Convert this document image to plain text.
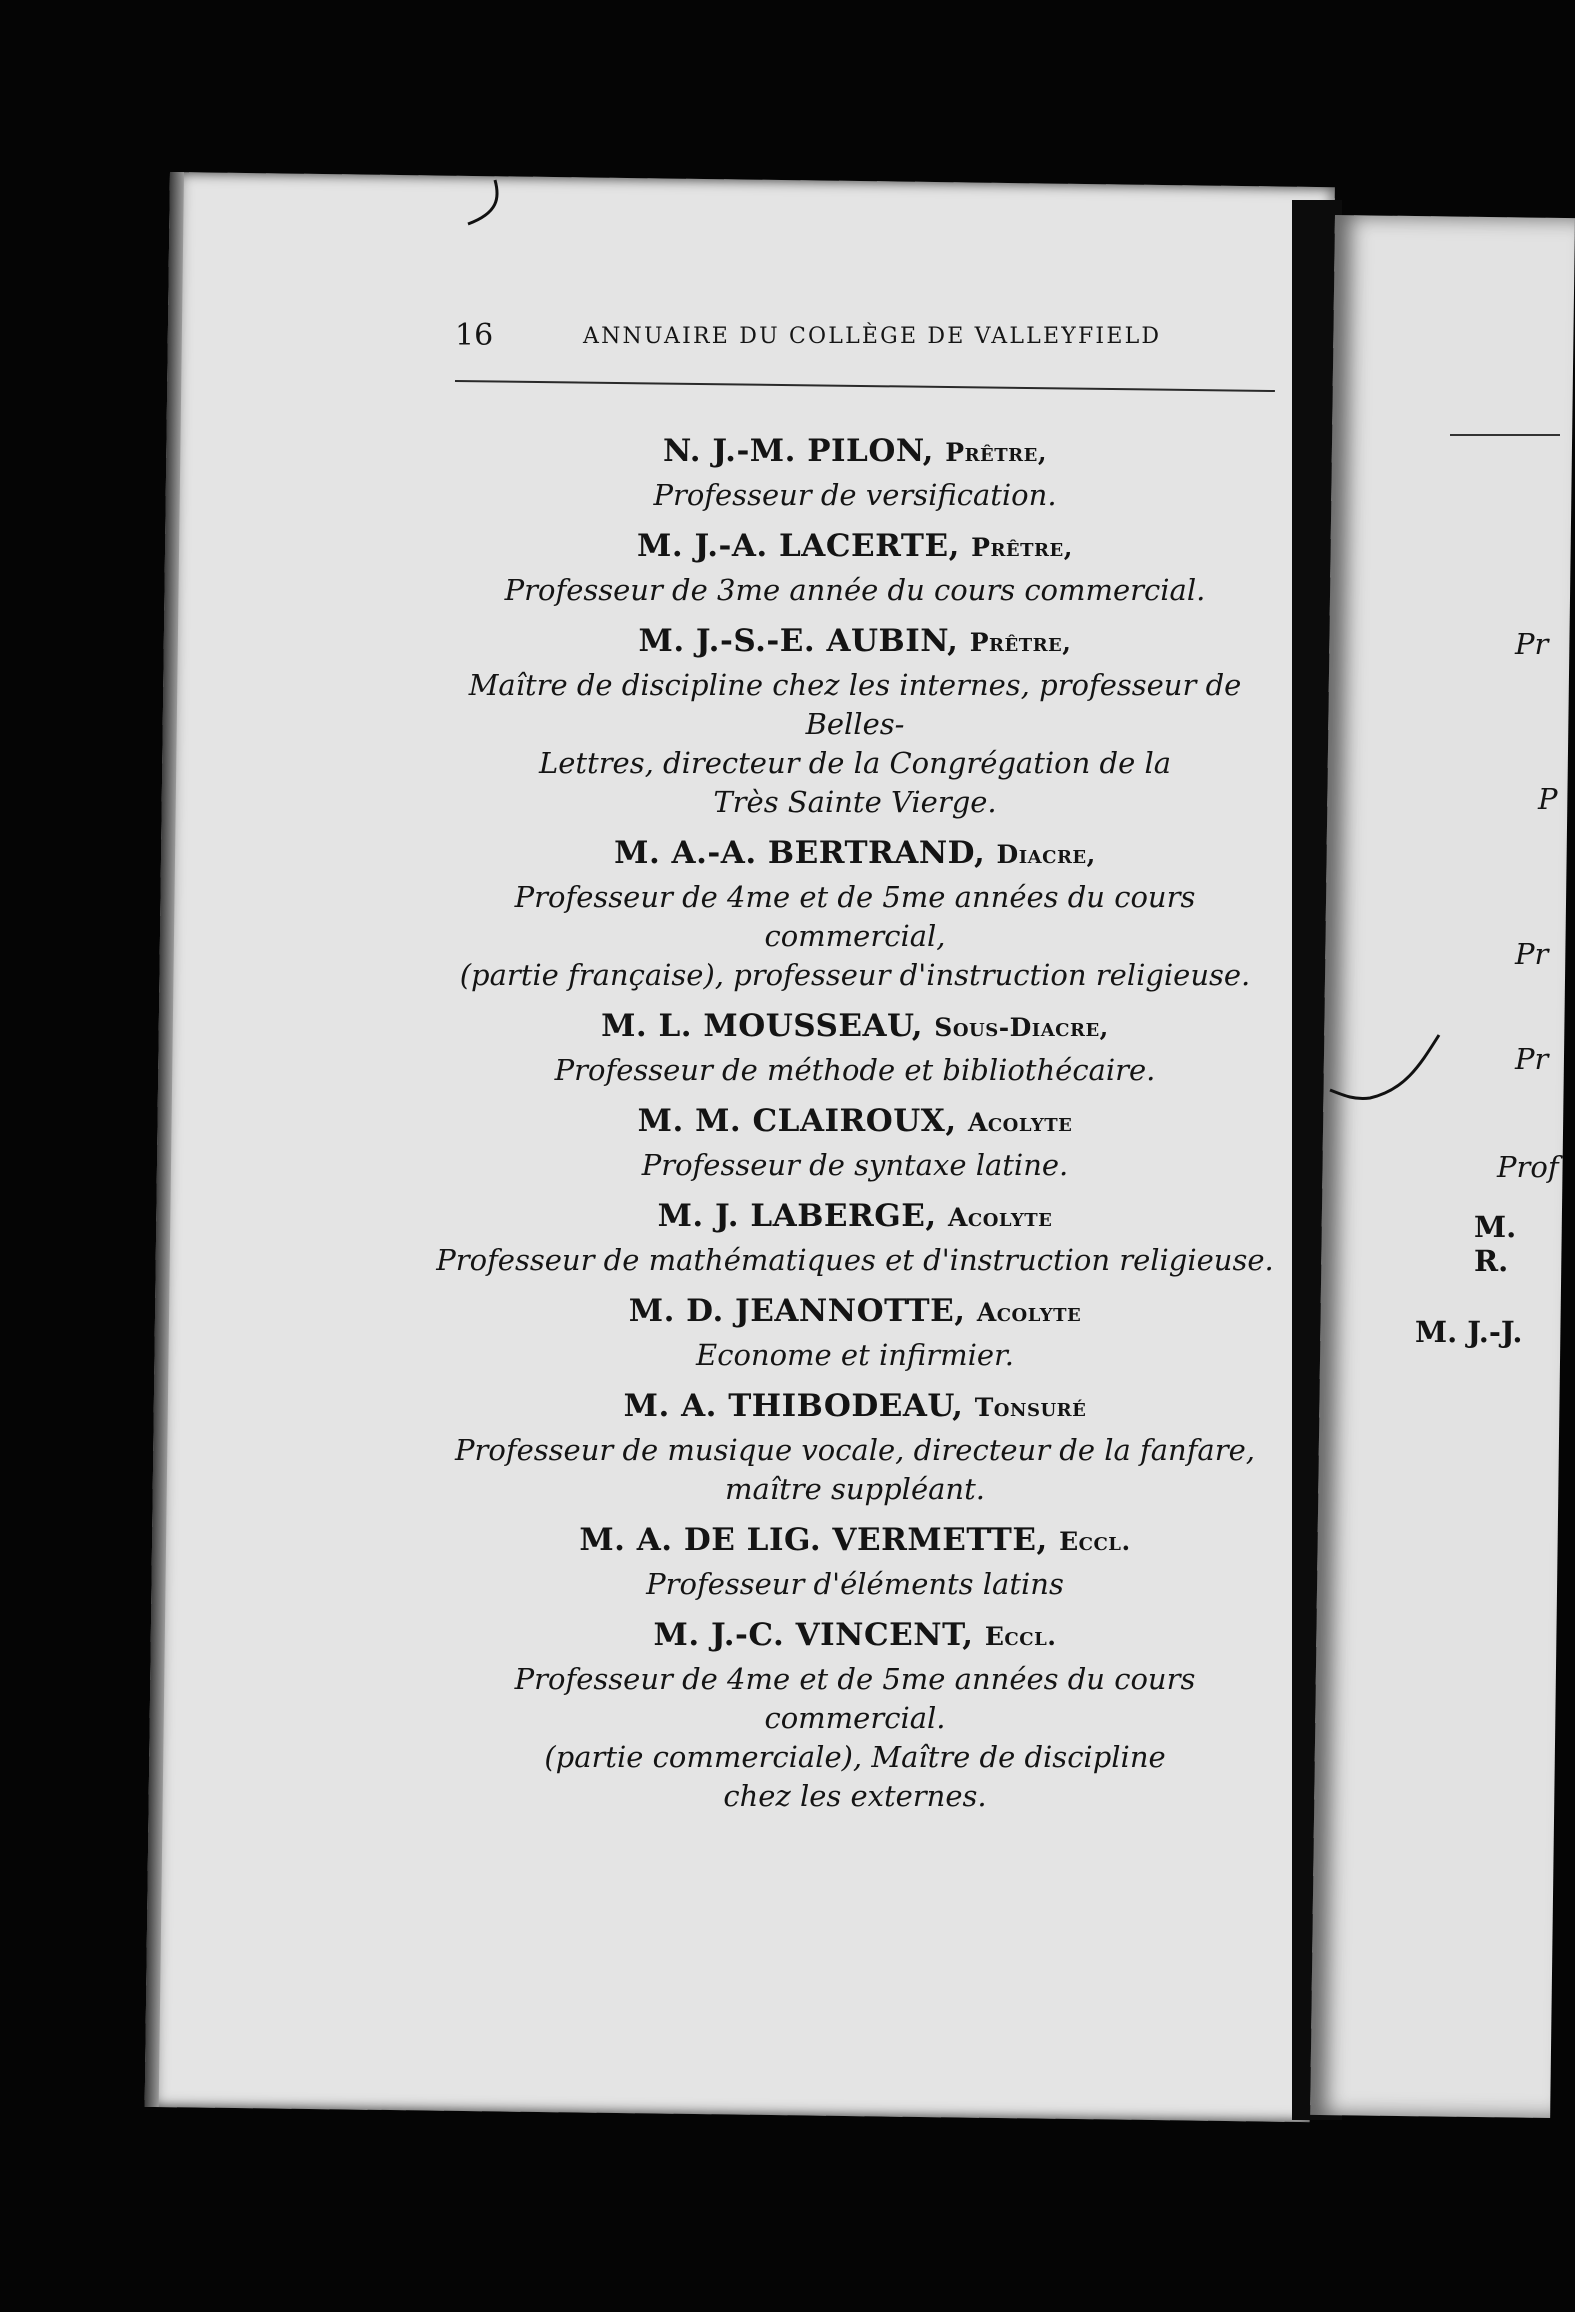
16	ANNUAIRE DU COLLÈGE DE VALLEYFIELD
N. J.-M. PILON, Prêtre,
Professeur de versification.
M. J.-A. LACERTE, Prêtre,
Professeur de 3me année du cours commercial.
M. J.-S.-E. AUBIN, Prêtre,
Maître de discipline chez les internes, professeur de Belles-
Lettres, directeur de la Congrégation de la
Très Sainte Vierge.
M. A.-A. BERTRAND, Diacre,
Professeur de 4me et de 5me années du cours commercial,
(partie française), professeur d'instruction religieuse.
M. L. MOUSSEAU, Sous-Diacre,
Professeur de méthode et bibliothécaire.
M. M. CLAIROUX, Acolyte
Professeur de syntaxe latine.
M. J. LABERGE, Acolyte
Professeur de mathématiques et d'instruction religieuse.
M. D. JEANNOTTE, Acolyte
Econome et infirmier.
M. A. THIBODEAU, Tonsuré
Professeur de musique vocale, directeur de la fanfare,
maître suppléant.
M. A. DE LIG. VERMETTE, Eccl.
Professeur d'éléments latins
M. J.-C. VINCENT, Eccl.
Professeur de 4me et de 5me années du cours commercial.
(partie commerciale), Maître de discipline
chez les externes.
Pr
P
Pr
Pr
Prof
M. R.
M. J.-J.
